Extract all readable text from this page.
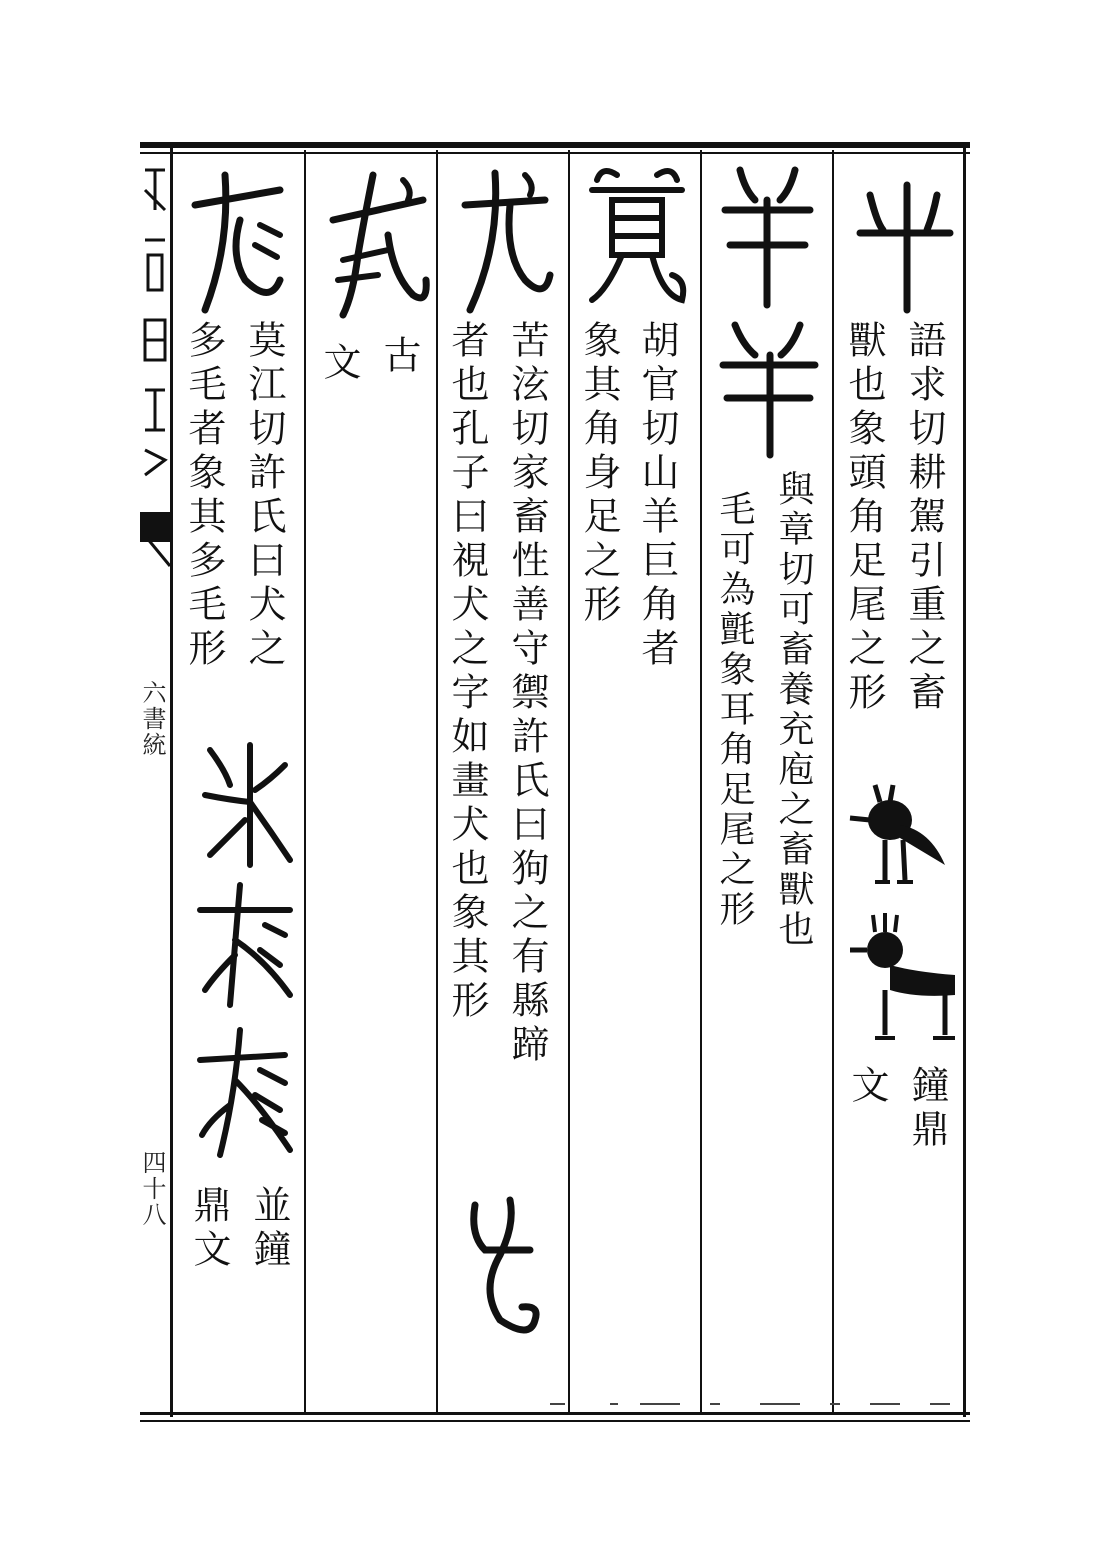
六書統
四十八
語求切耕駕引重之畜
獸也象頭角足尾之形
鐘鼎
文
與章切可畜養充庖之畜獸也
毛可為氈象耳角足尾之形
胡官切山羊巨角者
象其角身足之形
苦泫切家畜性善守禦許氏曰狗之有縣蹄
者也孔子曰視犬之字如畫犬也象其形
古
文
莫江切許氏曰犬之
多毛者象其多毛形
並鐘
鼎文
